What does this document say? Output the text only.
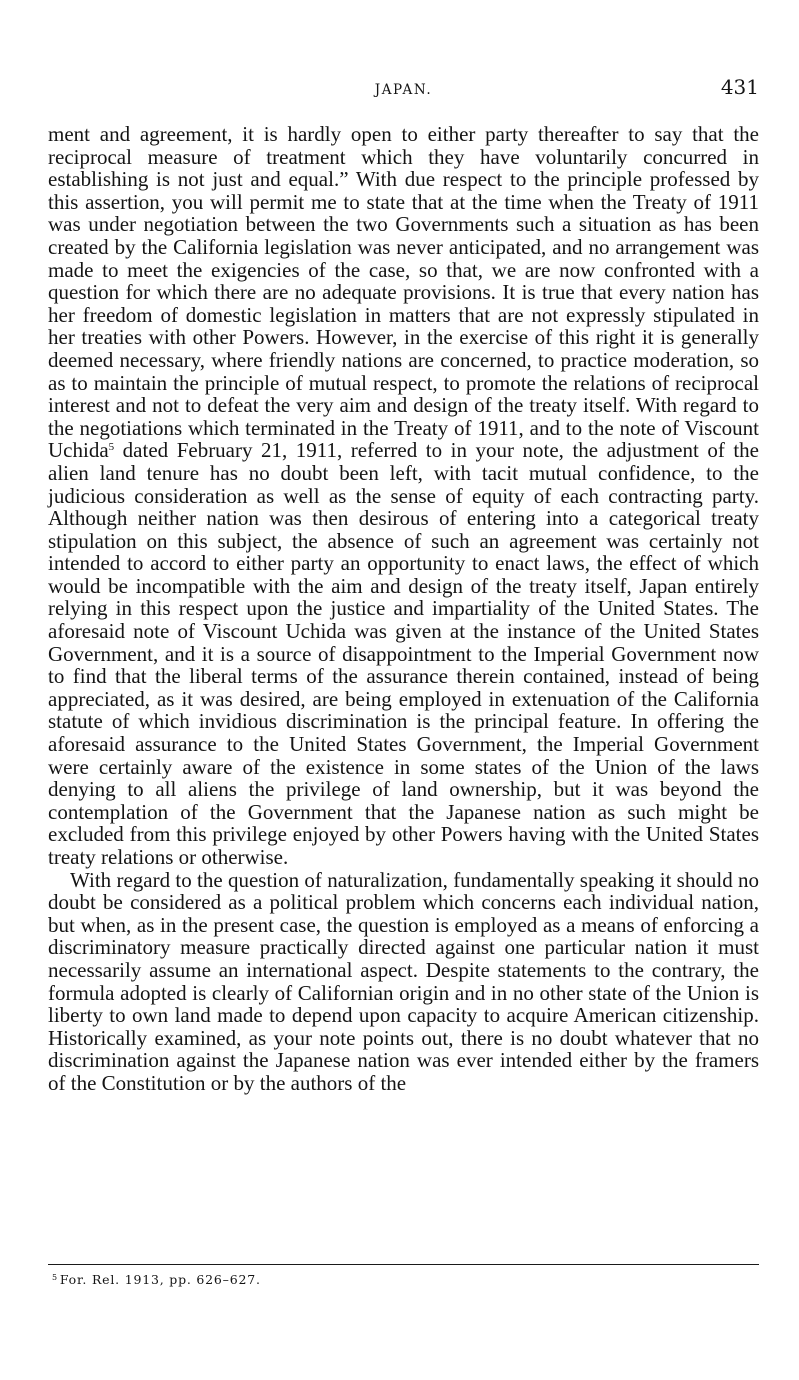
JAPAN.	431

ment and agreement, it is hardly open to either party thereafter to say that the reciprocal measure of treatment which they have voluntarily concurred in establishing is not just and equal.” With due respect to the principle professed by this assertion, you will permit me to state that at the time when the Treaty of 1911 was under negotiation between the two Governments such a situation as has been created by the California legislation was never anticipated, and no arrangement was made to meet the exigencies of the case, so that, we are now confronted with a question for which there are no adequate provisions. It is true that every nation has her freedom of domestic legislation in matters that are not expressly stipulated in her treaties with other Powers. However, in the exercise of this right it is generally deemed necessary, where friendly nations are concerned, to practice moderation, so as to maintain the principle of mutual respect, to promote the relations of reciprocal interest and not to defeat the very aim and design of the treaty itself. With regard to the negotiations which terminated in the Treaty of 1911, and to the note of Viscount Uchida$^5$ dated February 21, 1911, referred to in your note, the adjustment of the alien land tenure has no doubt been left, with tacit mutual confidence, to the judicious consideration as well as the sense of equity of each contracting party. Although neither nation was then desirous of entering into a categorical treaty stipulation on this subject, the absence of such an agreement was certainly not intended to accord to either party an opportunity to enact laws, the effect of which would be incompatible with the aim and design of the treaty itself, Japan entirely relying in this respect upon the justice and impartiality of the United States. The aforesaid note of Viscount Uchida was given at the instance of the United States Government, and it is a source of disappointment to the Imperial Government now to find that the liberal terms of the assurance therein contained, instead of being appreciated, as it was desired, are being employed in extenuation of the California statute of which invidious discrimination is the principal feature. In offering the aforesaid assurance to the United States Government, the Imperial Government were certainly aware of the existence in some states of the Union of the laws denying to all aliens the privilege of land ownership, but it was beyond the contemplation of the Government that the Japanese nation as such might be excluded from this privilege enjoyed by other Powers having with the United States treaty relations or otherwise.

With regard to the question of naturalization, fundamentally speaking it should no doubt be considered as a political problem which concerns each individual nation, but when, as in the present case, the question is employed as a means of enforcing a discriminatory measure practically directed against one particular nation it must necessarily assume an international aspect. Despite statements to the contrary, the formula adopted is clearly of Californian origin and in no other state of the Union is liberty to own land made to depend upon capacity to acquire American citizenship. Historically examined, as your note points out, there is no doubt whatever that no discrimination against the Japanese nation was ever intended either by the framers of the Constitution or by the authors of the

$^5$ For. Rel. 1913, pp. 626–627.
